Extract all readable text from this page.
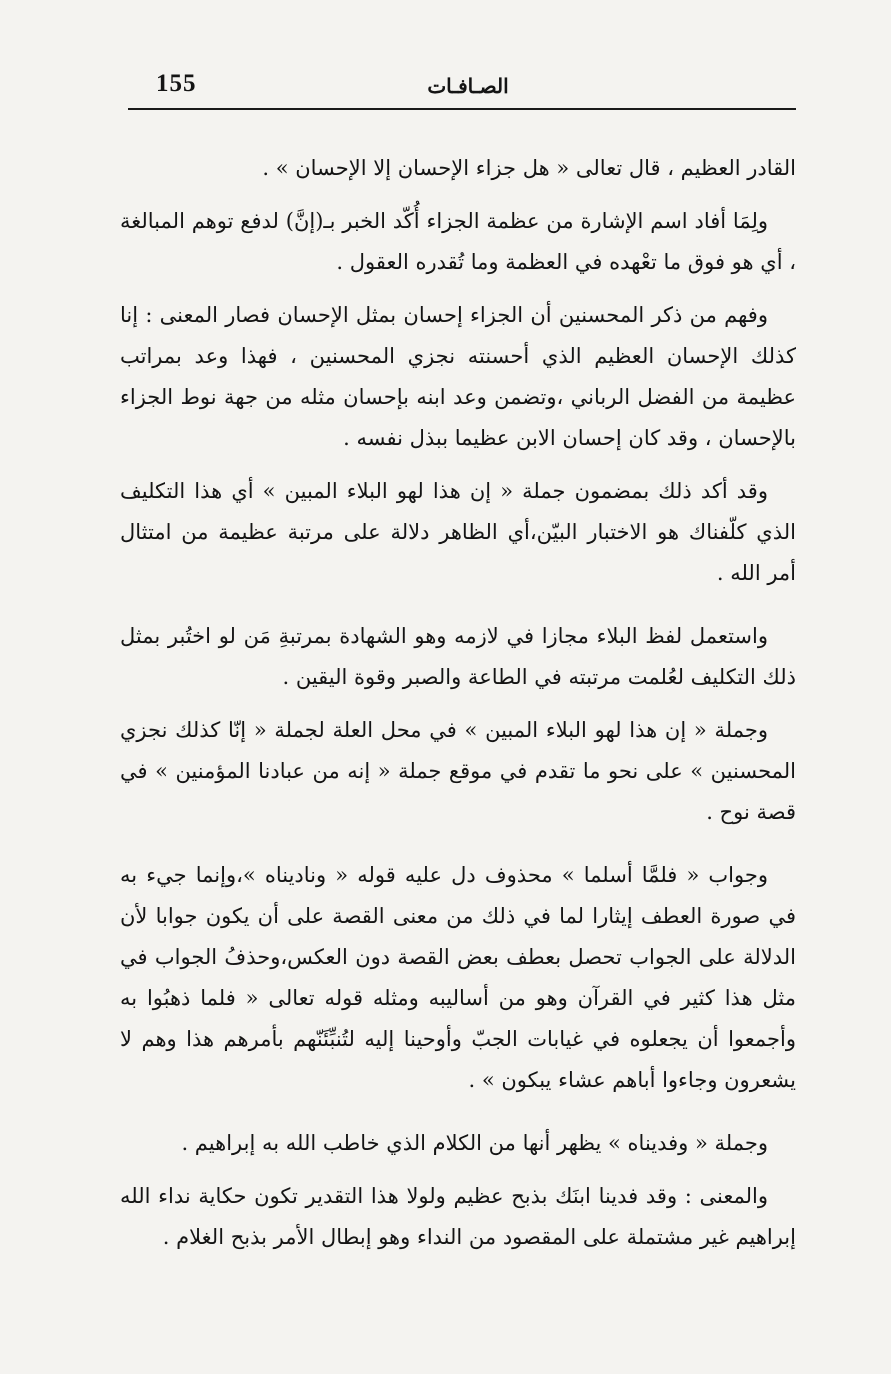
155	الصـافـات

القادر العظيم ، قال تعالى « هل جزاء الإحسان إلا الإحسان » .

ولِمَا أفاد اسم الإشارة من عظمة الجزاء أُكّد الخبر بـ(إنَّ) لدفع توهم المبالغة ، أي هو فوق ما تعْهده في العظمة وما تُقدره العقول .

وفهم من ذكر المحسنين أن الجزاء إحسان بمثل الإحسان فصار المعنى : إنا كذلك الإحسان العظيم الذي أحسنته نجزي المحسنين ، فهذا وعد بمراتب عظيمة من الفضل الرباني ،وتضمن وعد ابنه بإحسان مثله من جهة نوط الجزاء بالإحسان ، وقد كان إحسان الابن عظيما ببذل نفسه .

وقد أكد ذلك بمضمون جملة « إن هذا لهو البلاء المبين » أي هذا التكليف الذي كلّفناك هو الاختبار البيّن،أي الظاهر دلالة على مرتبة عظيمة من امتثال أمر الله .

واستعمل لفظ البلاء مجازا في لازمه وهو الشهادة بمرتبةِ مَن لو اختُبر بمثل ذلك التكليف لعُلمت مرتبته في الطاعة والصبر وقوة اليقين .

وجملة « إن هذا لهو البلاء المبين » في محل العلة لجملة « إنّا كذلك نجزي المحسنين » على نحو ما تقدم في موقع جملة « إنه من عبادنا المؤمنين » في قصة نوح .

وجواب « فلمَّا أسلما » محذوف دل عليه قوله « وناديناه »،وإنما جيء به في صورة العطف إيثارا لما في ذلك من معنى القصة على أن يكون جوابا لأن الدلالة على الجواب تحصل بعطف بعض القصة دون العكس،وحذفُ الجواب في مثل هذا كثير في القرآن وهو من أساليبه ومثله قوله تعالى « فلما ذهبُوا به وأجمعوا أن يجعلوه في غيابات الجبّ وأوحينا إليه لتُنبِّئَنّهم بأمرهم هذا وهم لا يشعرون وجاءوا أباهم عشاء يبكون » .

وجملة « وفديناه » يظهر أنها من الكلام الذي خاطب الله به إبراهيم .

والمعنى : وقد فدينا ابنَك بذبح عظيم ولولا هذا التقدير تكون حكاية نداء الله إبراهيم غير مشتملة على المقصود من النداء وهو إبطال الأمر بذبح الغلام .
